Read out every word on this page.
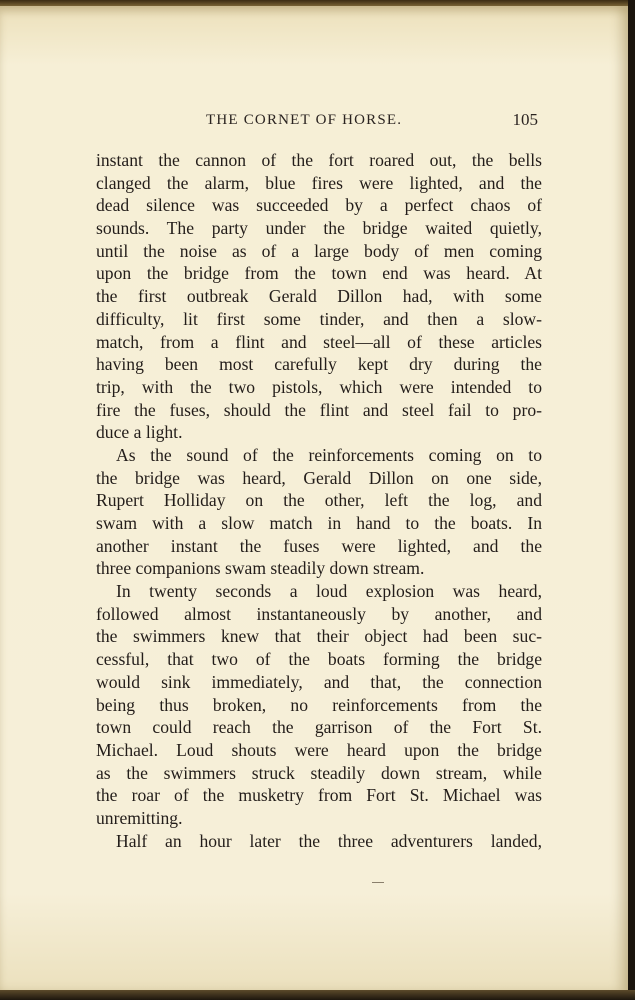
THE CORNET OF HORSE.	105
instant the cannon of the fort roared out, the bells
clanged the alarm, blue fires were lighted, and the
dead silence was succeeded by a perfect chaos of
sounds. The party under the bridge waited quietly,
until the noise as of a large body of men coming
upon the bridge from the town end was heard. At
the first outbreak Gerald Dillon had, with some
difficulty, lit first some tinder, and then a slow-
match, from a flint and steel—all of these articles
having been most carefully kept dry during the
trip, with the two pistols, which were intended to
fire the fuses, should the flint and steel fail to pro-
duce a light.
As the sound of the reinforcements coming on to
the bridge was heard, Gerald Dillon on one side,
Rupert Holliday on the other, left the log, and
swam with a slow match in hand to the boats. In
another instant the fuses were lighted, and the
three companions swam steadily down stream.
In twenty seconds a loud explosion was heard,
followed almost instantaneously by another, and
the swimmers knew that their object had been suc-
cessful, that two of the boats forming the bridge
would sink immediately, and that, the connection
being thus broken, no reinforcements from the
town could reach the garrison of the Fort St.
Michael. Loud shouts were heard upon the bridge
as the swimmers struck steadily down stream, while
the roar of the musketry from Fort St. Michael was
unremitting.
Half an hour later the three adventurers landed,
